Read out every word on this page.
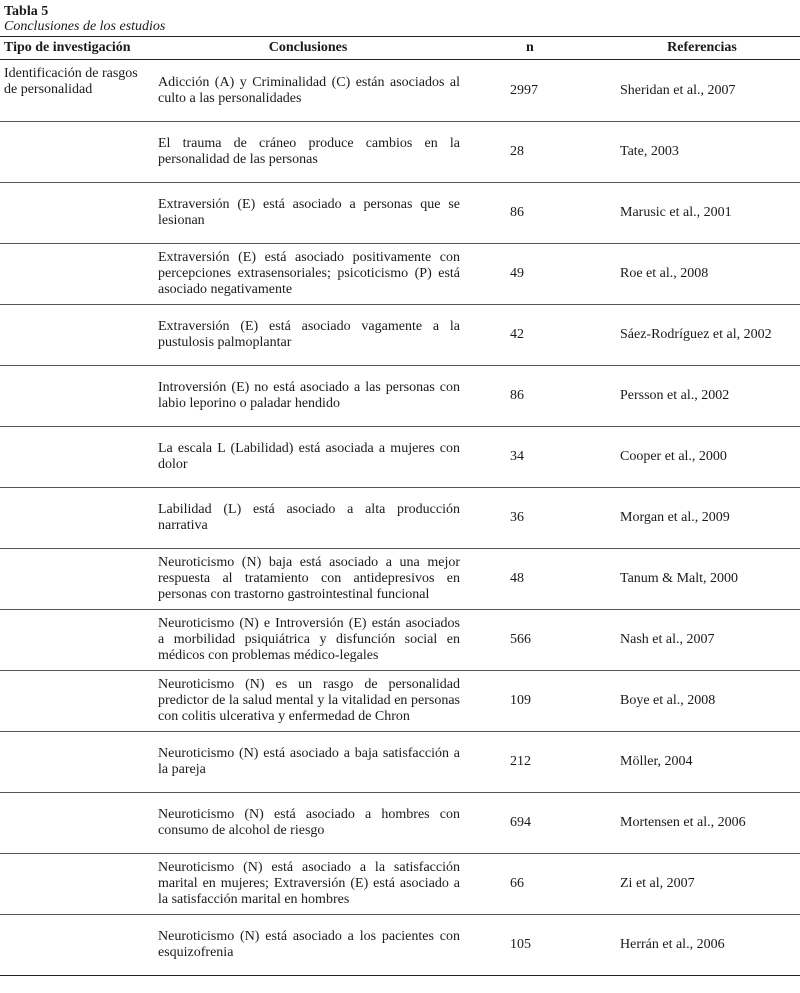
Tabla 5
Conclusiones de los estudios
Tipo de investigación	Conclusiones	n	Referencias
Identificación de rasgos de personalidad	Adicción (A) y Criminalidad (C) están asociados al culto a las personalidades	2997	Sheridan et al., 2007
	El trauma de cráneo produce cambios en la personalidad de las personas	28	Tate, 2003
	Extraversión (E) está asociado a personas que se lesionan	86	Marusic et al., 2001
	Extraversión (E) está asociado positivamente con percepciones extrasensoriales; psicoticismo (P) está asociado negativamente	49	Roe et al., 2008
	Extraversión (E) está asociado vagamente a la pustulosis palmoplantar	42	Sáez-Rodríguez et al, 2002
	Introversión (E) no está asociado a las personas con labio leporino o paladar hendido	86	Persson et al., 2002
	La escala L (Labilidad) está asociada a mujeres con dolor	34	Cooper et al., 2000
	Labilidad (L) está asociado a alta producción narrativa	36	Morgan et al., 2009
	Neuroticismo (N) baja está asociado a una mejor respuesta al tratamiento con antidepresivos en personas con trastorno gastrointestinal funcional	48	Tanum & Malt, 2000
	Neuroticismo (N) e Introversión (E) están asociados a morbilidad psiquiátrica y disfunción social en médicos con problemas médico-legales	566	Nash et al., 2007
	Neuroticismo (N) es un rasgo de personalidad predictor de la salud mental y la vitalidad en personas con colitis ulcerativa y enfermedad de Chron	109	Boye et al., 2008
	Neuroticismo (N) está asociado a baja satisfacción a la pareja	212	Möller, 2004
	Neuroticismo (N) está asociado a hombres con consumo de alcohol de riesgo	694	Mortensen et al., 2006
	Neuroticismo (N) está asociado a la satisfacción marital en mujeres; Extraversión (E) está asociado a la satisfacción marital en hombres	66	Zi et al, 2007
	Neuroticismo (N) está asociado a los pacientes con esquizofrenia	105	Herrán et al., 2006
